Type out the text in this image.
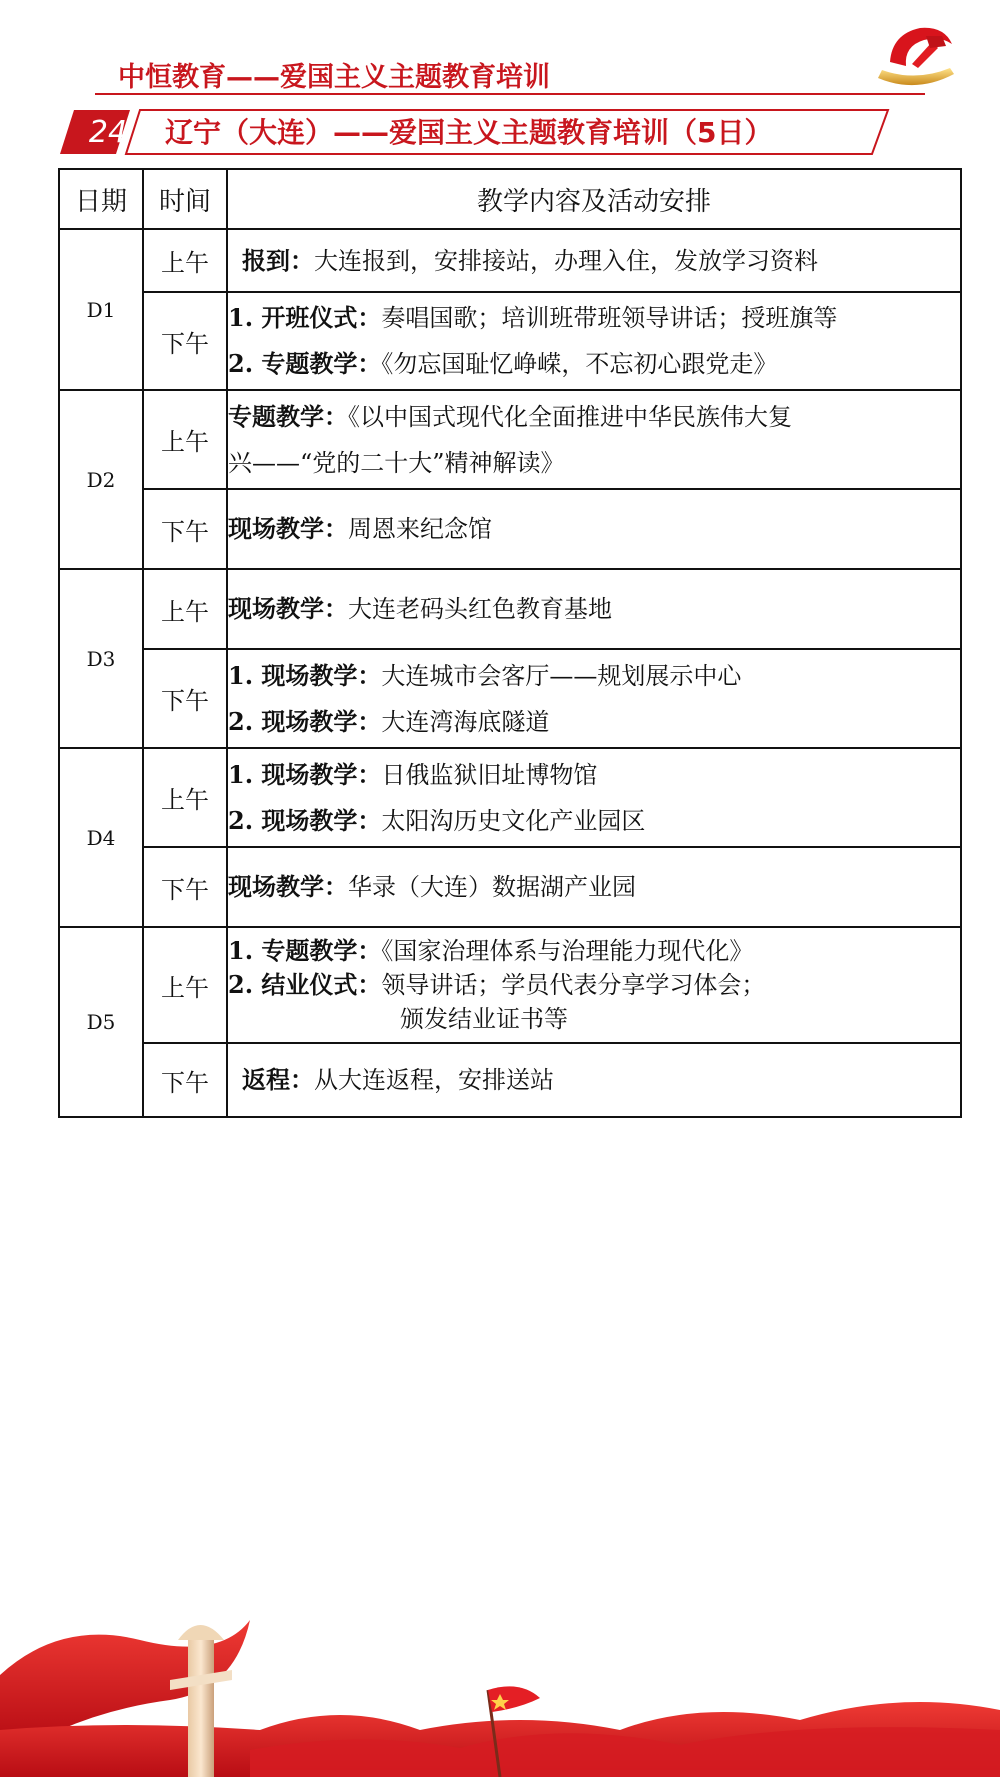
中恒教育——爱国主义主题教育培训
24	辽宁（大连）——爱国主义主题教育培训（5日）
日期	时间	教学内容及活动安排
D1	上午	报到：大连报到，安排接站，办理入住，发放学习资料

	下午	1. 开班仪式：奏唱国歌；培训班带班领导讲话；授班旗等
2. 专题教学：《勿忘国耻忆峥嵘，不忘初心跟党走》

D2	上午	专题教学：《以中国式现代化全面推进中华民族伟大复
兴——“党的二十大”精神解读》

	下午	现场教学：周恩来纪念馆

D3	上午	现场教学：大连老码头红色教育基地

	下午	1. 现场教学：大连城市会客厅——规划展示中心
2. 现场教学：大连湾海底隧道

D4	上午	1. 现场教学：日俄监狱旧址博物馆
2. 现场教学：太阳沟历史文化产业园区

	下午	现场教学：华录（大连）数据湖产业园

D5	上午	1. 专题教学：《国家治理体系与治理能力现代化》
2. 结业仪式：领导讲话；学员代表分享学习体会；
颁发结业证书等

	下午	返程：从大连返程，安排送站
